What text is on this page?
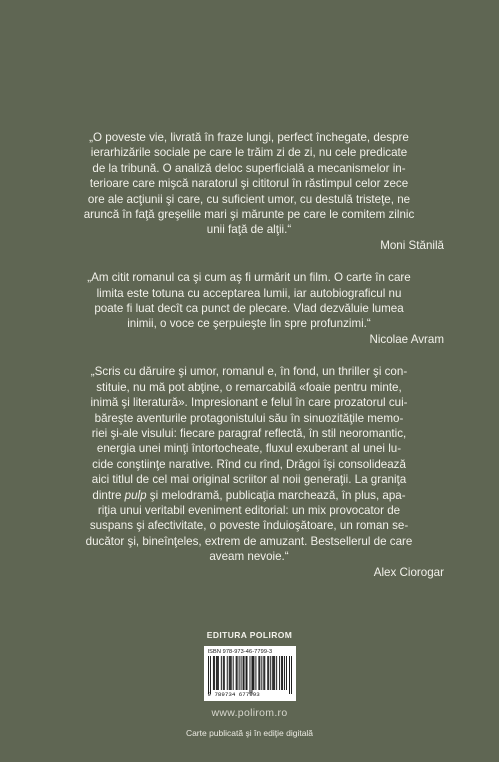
„O poveste vie, livrată în fraze lungi, perfect închegate, despre
ierarhizările sociale pe care le trăim zi de zi, nu cele predicate
de la tribună. O analiză deloc superficială a mecanismelor in-
terioare care mişcă naratorul şi cititorul în răstimpul celor zece
ore ale acţiunii şi care, cu suficient umor, cu destulă tristeţe, ne
aruncă în faţă greşelile mari şi mărunte pe care le comitem zilnic
unii faţă de alţii.“

Moni Stănilă

„Am citit romanul ca şi cum aş fi urmărit un film. O carte în care
limita este totuna cu acceptarea lumii, iar autobiograficul nu
poate fi luat decît ca punct de plecare. Vlad dezvăluie lumea
inimii, o voce ce şerpuieşte lin spre profunzimi.“

Nicolae Avram

„Scris cu dăruire şi umor, romanul e, în fond, un thriller şi con-
stituie, nu mă pot abţine, o remarcabilă «foaie pentru minte,
inimă şi literatură». Impresionant e felul în care prozatorul cui-
băreşte aventurile protagonistului său în sinuozităţile memo-
riei şi-ale visului: fiecare paragraf reflectă, în stil neoromantic,
energia unei minţi întortocheate, fluxul exuberant al unei lu-
cide conştiinţe narative. Rînd cu rînd, Drăgoi îşi consolidează
aici titlul de cel mai original scriitor al noii generaţii. La graniţa
dintre pulp şi melodramă, publicaţia marchează, în plus, apa-
riţia unui veritabil eveniment editorial: un mix provocator de
suspans şi afectivitate, o poveste înduioşătoare, un roman se-
ducător şi, bineînţeles, extrem de amuzant. Bestsellerul de care
aveam nevoie.“

Alex Ciorogar

EDITURA POLIROM
ISBN 978-973-46-7799-3
9 789734 677993
www.polirom.ro
Carte publicată şi în ediţie digitală
